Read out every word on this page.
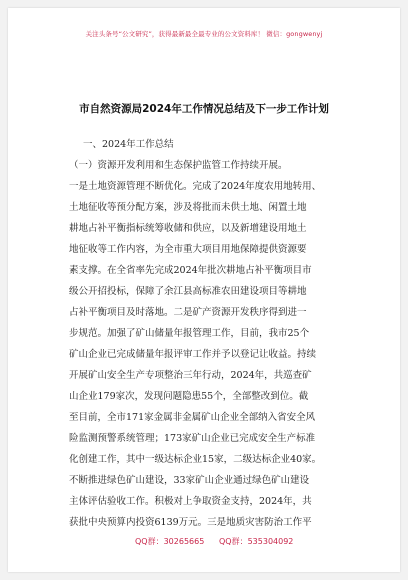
关注头条号“公文研究”，获得最新最全最专业的公文资料库！ 微信：gongwenyj
市自然资源局2024年工作情况总结及下一步工作计划
一、2024年工作总结
（一）资源开发利用和生态保护监管工作持续开展。
一是土地资源管理不断优化。完成了2024年度农用地转用、
土地征收等预分配方案，涉及将批而未供土地、闲置土地
耕地占补平衡指标统筹收储和供应，以及新增建设用地土
地征收等工作内容，为全市重大项目用地保障提供资源要
素支撑。在全省率先完成2024年批次耕地占补平衡项目市
级公开招投标，保障了余江县高标准农田建设项目等耕地
占补平衡项目及时落地。二是矿产资源开发秩序得到进一
步规范。加强了矿山储量年报管理工作，目前，我市25个
矿山企业已完成储量年报评审工作并予以登记让收益。持续
开展矿山安全生产专项整治三年行动，2024年，共巡查矿
山企业179家次，发现问题隐患55个，全部整改到位。截
至目前，全市171家金属非金属矿山企业全部纳入省安全风
险监测预警系统管理；173家矿山企业已完成安全生产标准
化创建工作，其中一级达标企业15家，二级达标企业40家。
不断推进绿色矿山建设，33家矿山企业通过绿色矿山建设
主体评估验收工作。积极对上争取资金支持，2024年，共
获批中央预算内投资6139万元。三是地质灾害防治工作平
QQ群：30265665 QQ群：535304092
